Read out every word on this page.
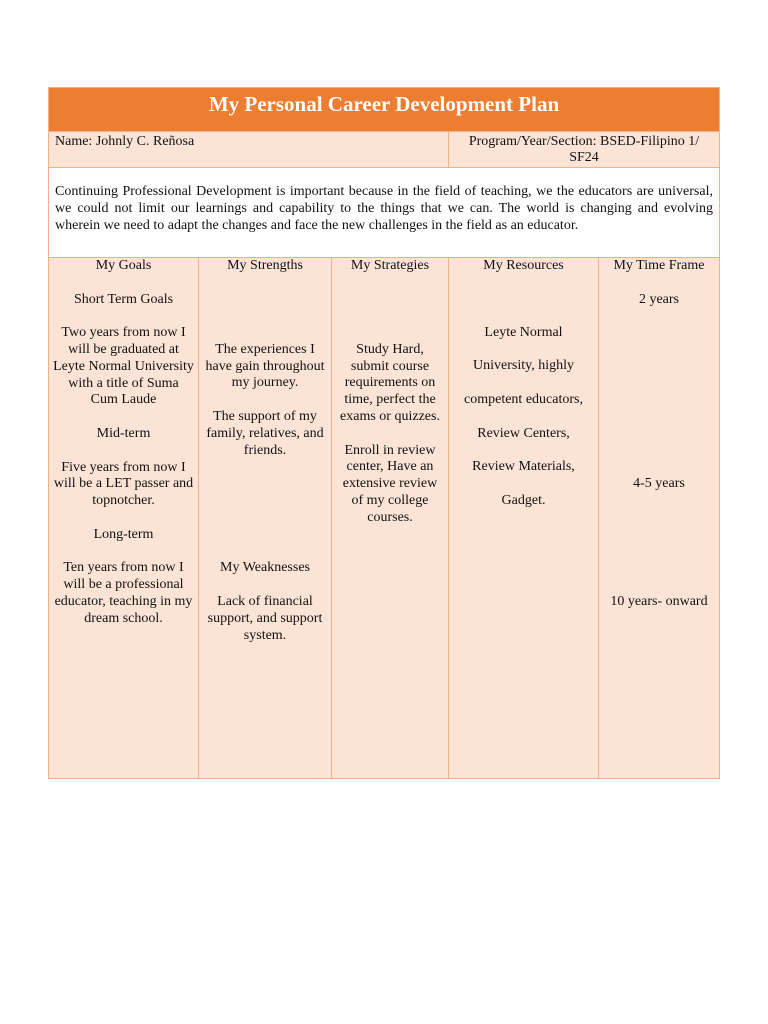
My Personal Career Development Plan
Name: Johnly C. Reñosa	Program/Year/Section: BSED-Filipino 1/ SF24
Continuing Professional Development is important because in the field of teaching, we the educators are universal, we could not limit our learnings and capability to the things that we can. The world is changing and evolving wherein we need to adapt the changes and face the new challenges in the field as an educator.

My Goals

Short Term Goals

Two years from now I will be graduated at Leyte Normal University with a title of Suma Cum Laude

Mid-term

Five years from now I will be a LET passer and topnotcher.

Long-term

Ten years from now I will be a professional educator, teaching in my dream school.

My Strengths

The experiences I have gain throughout my journey.

The support of my family, relatives, and friends.

My Weaknesses

Lack of financial support, and support system.

My Strategies

Study Hard, submit course requirements on time, perfect the exams or quizzes.

Enroll in review center, Have an extensive review of my college courses.

My Resources

Leyte Normal

University, highly

competent educators,

Review Centers,

Review Materials,

Gadget.

My Time Frame

2 years

4-5 years

10 years- onward
